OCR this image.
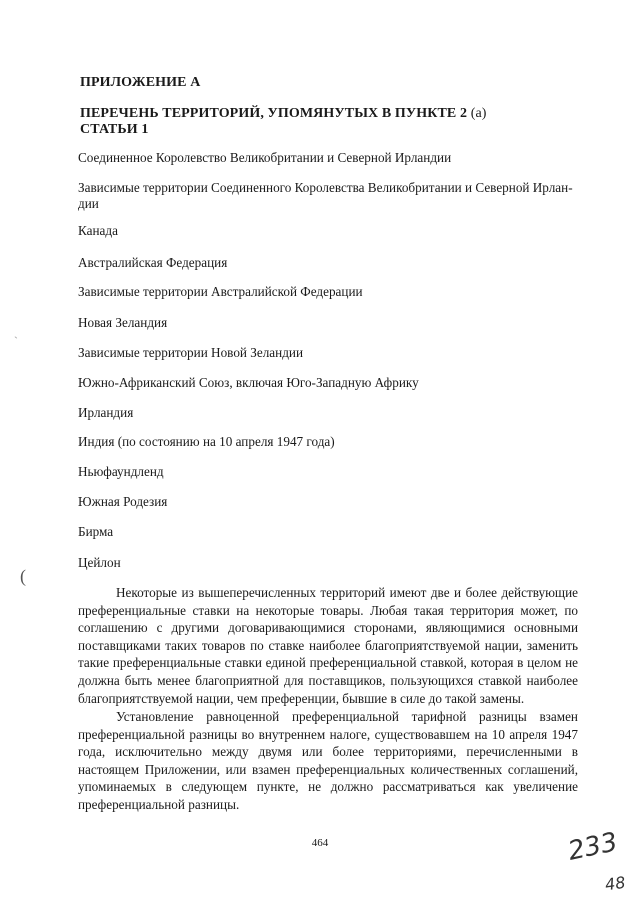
ПРИЛОЖЕНИЕ А
ПЕРЕЧЕНЬ ТЕРРИТОРИЙ, УПОМЯНУТЫХ В ПУНКТЕ 2 (а)
СТАТЬИ 1
Соединенное Королевство Великобритании и Северной Ирландии
Зависимые территории Соединенного Королевства Великобритании и Северной Ирлан-дии
Канада
Австралийская Федерация
Зависимые территории Австралийской Федерации
Новая Зеландия
Зависимые территории Новой Зеландии
Южно-Африканский Союз, включая Юго-Западную Африку
Ирландия
Индия (по состоянию на 10 апреля 1947 года)
Ньюфаундленд
Южная Родезия
Бирма
Цейлон

Некоторые из вышеперечисленных территорий имеют две и более действующие преференциальные ставки на некоторые товары. Любая такая территория может, по соглашению с другими договаривающимися сторонами, являющимися основными поставщиками таких товаров по ставке наиболее благоприятствуемой нации, заменить такие преференциальные ставки единой преференциальной ставкой, которая в целом не должна быть менее благоприятной для поставщиков, пользующихся ставкой наиболее благоприятствуемой нации, чем преференции, бывшие в силе до такой замены.

Установление равноценной преференциальной тарифной разницы взамен преференциальной разницы во внутреннем налоге, существовавшем на 10 апреля 1947 года, исключительно между двумя или более территориями, перечисленными в настоящем Приложении, или взамен преференциальных количественных соглашений, упоминаемых в следующем пункте, не должно рассматриваться как увеличение преференциальной разницы.

464	233
48
ˎ
(
